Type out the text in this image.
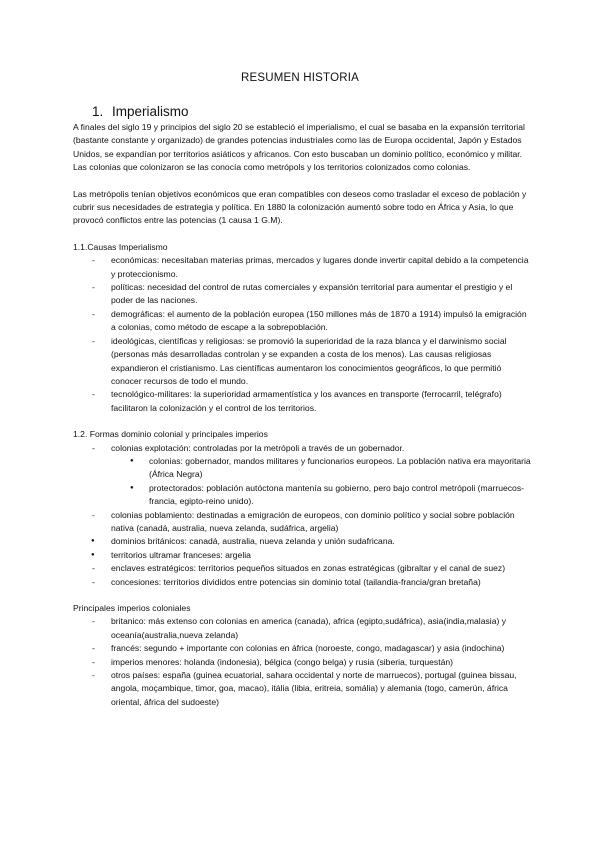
RESUMEN HISTORIA
1. Imperialismo

A finales del siglo 19 y principios del siglo 20 se estableció el imperialismo, el cual se basaba en la expansión territorial (bastante constante y organizado) de grandes potencias industriales como las de Europa occidental, Japón y Estados Unidos, se expandían por territorios asiáticos y africanos. Con esto buscaban un dominio político, económico y militar. Las colonias que colonizaron se las conocía como metrópols y los territorios colonizados como colonias.

Las metrópolis tenían objetivos económicos que eran compatibles con deseos como trasladar el exceso de población y cubrir sus necesidades de estrategia y política. En 1880 la colonización aumentó sobre todo en África y Asia, lo que provocó conflictos entre las potencias (1 causa 1 G.M).

1.1.Causas Imperialismo

- económicas: necesitaban materias primas, mercados y lugares donde invertir capital debido a la competencia y proteccionismo.
- políticas: necesidad del control de rutas comerciales y expansión territorial para aumentar el prestigio y el poder de las naciones.
- demográficas: el aumento de la población europea (150 millones más de 1870 a 1914) impulsó la emigración a colonias, como método de escape a la sobrepoblación.
- ideológicas, científicas y religiosas: se promovió la superioridad de la raza blanca y el darwinismo social (personas más desarrolladas controlan y se expanden a costa de los menos). Las causas religiosas expandieron el cristianismo. Las científicas aumentaron los conocimientos geográficos, lo que permitió conocer recursos de todo el mundo.
- tecnológico-militares: la superioridad armamentística y los avances en transporte (ferrocarril, telégrafo) facilitaron la colonización y el control de los territorios.

1.2. Formas dominio colonial y principales imperios

- colonias explotación: controladas por la metrópoli a través de un gobernador.
● colonias: gobernador, mandos militares y funcionarios europeos. La población nativa era mayoritaria (África Negra)
● protectorados: población autóctona mantenía su gobierno, pero bajo control metrópoli (marruecos-francia, egipto-reino unido).
- colonias poblamiento: destinadas a emigración de europeos, con dominio político y social sobre población nativa (canadá, australia, nueva zelanda, sudáfrica, argelia)
● dominios británicos: canadá, australia, nueva zelanda y unión sudafricana.
● territorios ultramar franceses: argelia
- enclaves estratégicos: territorios pequeños situados en zonas estratégicas (gibraltar y el canal de suez)
- concesiones: territorios divididos entre potencias sin dominio total (tailandia-francia/gran bretaña)

Principales imperios coloniales

- britanico: más extenso con colonias en america (canada), africa (egipto,sudáfrica), asia(india,malasia) y oceanía(australia,nueva zelanda)
- francés: segundo + importante con colonias en áfrica (noroeste, congo, madagascar) y asia (indochina)
- imperios menores: holanda (indonesia), bélgica (congo belga) y rusia (siberia, turquestán)
- otros países: españa (guinea ecuatorial, sahara occidental y norte de marruecos), portugal (guinea bissau, angola, moçambique, timor, goa, macao), itália (libia, eritreia, somália) y alemania (togo, camerún, áfrica oriental, áfrica del sudoeste)
